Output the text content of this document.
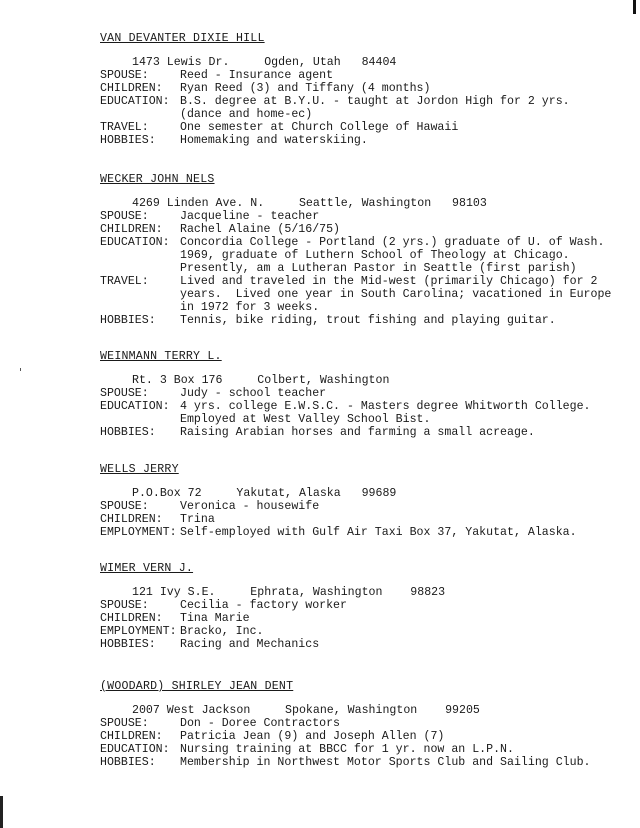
VAN DEVANTER DIXIE HILL
1473 Lewis Dr.     Ogden, Utah   84404
SPOUSE:	Reed - Insurance agent
CHILDREN:	Ryan Reed (3) and Tiffany (4 months)
EDUCATION: B.S. degree at B.Y.U. - taught at Jordon High for 2 yrs.
(dance and home-ec)
TRAVEL:	One semester at Church College of Hawaii
HOBBIES:	Homemaking and waterskiing.
WECKER JOHN NELS
4269 Linden Ave. N.     Seattle, Washington   98103
SPOUSE:	Jacqueline - teacher
CHILDREN:	Rachel Alaine (5/16/75)
EDUCATION: Concordia College - Portland (2 yrs.) graduate of U. of Wash.
1969, graduate of Luthern School of Theology at Chicago.
Presently, am a Lutheran Pastor in Seattle (first parish)
TRAVEL:	Lived and traveled in the Mid-west (primarily Chicago) for 2
years.  Lived one year in South Carolina; vacationed in Europe
in 1972 for 3 weeks.
HOBBIES:	Tennis, bike riding, trout fishing and playing guitar.
WEINMANN TERRY L.
Rt. 3 Box 176     Colbert, Washington
SPOUSE:	Judy - school teacher
EDUCATION: 4 yrs. college E.W.S.C. - Masters degree Whitworth College.
Employed at West Valley School Bist.
HOBBIES:	Raising Arabian horses and farming a small acreage.
WELLS JERRY
P.O.Box 72     Yakutat, Alaska   99689
SPOUSE:	Veronica - housewife
CHILDREN:	Trina
EMPLOYMENT: Self-employed with Gulf Air Taxi Box 37, Yakutat, Alaska.
WIMER VERN J.
121 Ivy S.E.     Ephrata, Washington    98823
SPOUSE:	Cecilia - factory worker
CHILDREN:	Tina Marie
EMPLOYMENT: Bracko, Inc.
HOBBIES:	Racing and Mechanics
(WOODARD) SHIRLEY JEAN DENT
2007 West Jackson     Spokane, Washington    99205
SPOUSE:	Don - Doree Contractors
CHILDREN:	Patricia Jean (9) and Joseph Allen (7)
EDUCATION: Nursing training at BBCC for 1 yr. now an L.P.N.
HOBBIES:	Membership in Northwest Motor Sports Club and Sailing Club.
